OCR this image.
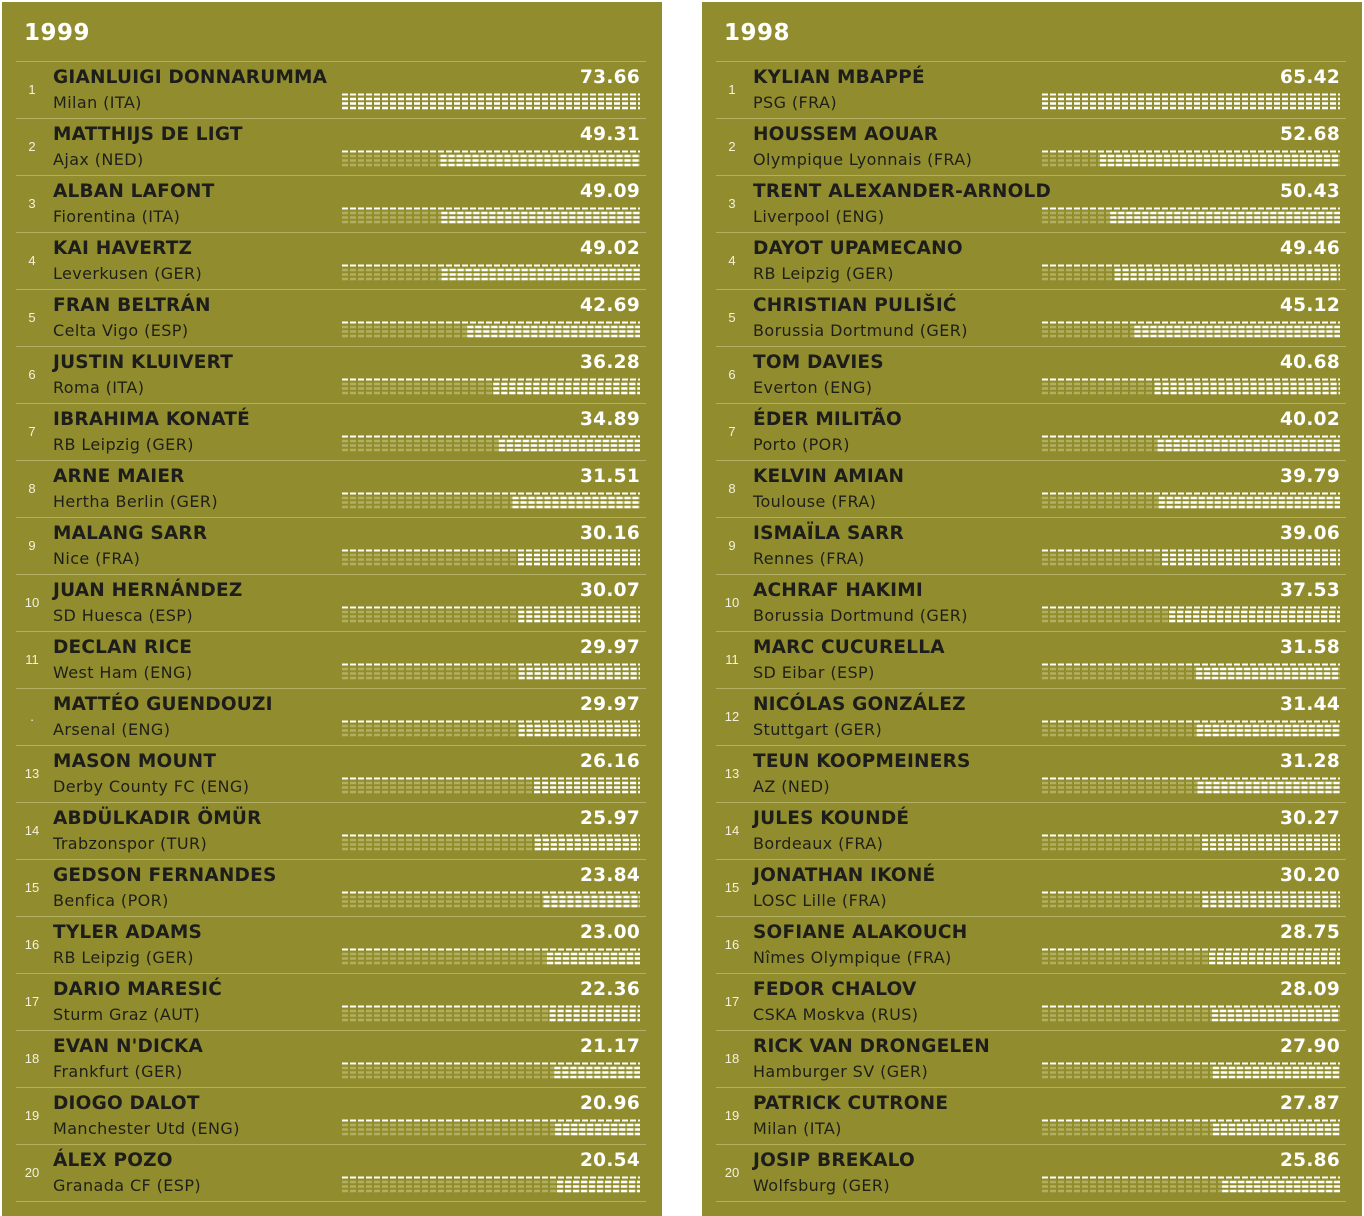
1999
1
GIANLUIGI DONNARUMMA
Milan (ITA)
73.66
2
MATTHIJS DE LIGT
Ajax (NED)
49.31
3
ALBAN LAFONT
Fiorentina (ITA)
49.09
4
KAI HAVERTZ
Leverkusen (GER)
49.02
5
FRAN BELTRÁN
Celta Vigo (ESP)
42.69
6
JUSTIN KLUIVERT
Roma (ITA)
36.28
7
IBRAHIMA KONATÉ
RB Leipzig (GER)
34.89
8
ARNE MAIER
Hertha Berlin (GER)
31.51
9
MALANG SARR
Nice (FRA)
30.16
10
JUAN HERNÁNDEZ
SD Huesca (ESP)
30.07
11
DECLAN RICE
West Ham (ENG)
29.97
.
MATTÉO GUENDOUZI
Arsenal (ENG)
29.97
13
MASON MOUNT
Derby County FC (ENG)
26.16
14
ABDÜLKADIR ÖMÜR
Trabzonspor (TUR)
25.97
15
GEDSON FERNANDES
Benfica (POR)
23.84
16
TYLER ADAMS
RB Leipzig (GER)
23.00
17
DARIO MARESIĆ
Sturm Graz (AUT)
22.36
18
EVAN N'DICKA
Frankfurt (GER)
21.17
19
DIOGO DALOT
Manchester Utd (ENG)
20.96
20
ÁLEX POZO
Granada CF (ESP)
20.54
1998
1
KYLIAN MBAPPÉ
PSG (FRA)
65.42
2
HOUSSEM AOUAR
Olympique Lyonnais (FRA)
52.68
3
TRENT ALEXANDER-ARNOLD
Liverpool (ENG)
50.43
4
DAYOT UPAMECANO
RB Leipzig (GER)
49.46
5
CHRISTIAN PULIŠIĆ
Borussia Dortmund (GER)
45.12
6
TOM DAVIES
Everton (ENG)
40.68
7
ÉDER MILITÃO
Porto (POR)
40.02
8
KELVIN AMIAN
Toulouse (FRA)
39.79
9
ISMAÏLA SARR
Rennes (FRA)
39.06
10
ACHRAF HAKIMI
Borussia Dortmund (GER)
37.53
11
MARC CUCURELLA
SD Eibar (ESP)
31.58
12
NICÓLAS GONZÁLEZ
Stuttgart (GER)
31.44
13
TEUN KOOPMEINERS
AZ (NED)
31.28
14
JULES KOUNDÉ
Bordeaux (FRA)
30.27
15
JONATHAN IKONÉ
LOSC Lille (FRA)
30.20
16
SOFIANE ALAKOUCH
Nîmes Olympique (FRA)
28.75
17
FEDOR CHALOV
CSKA Moskva (RUS)
28.09
18
RICK VAN DRONGELEN
Hamburger SV (GER)
27.90
19
PATRICK CUTRONE
Milan (ITA)
27.87
20
JOSIP BREKALO
Wolfsburg (GER)
25.86
